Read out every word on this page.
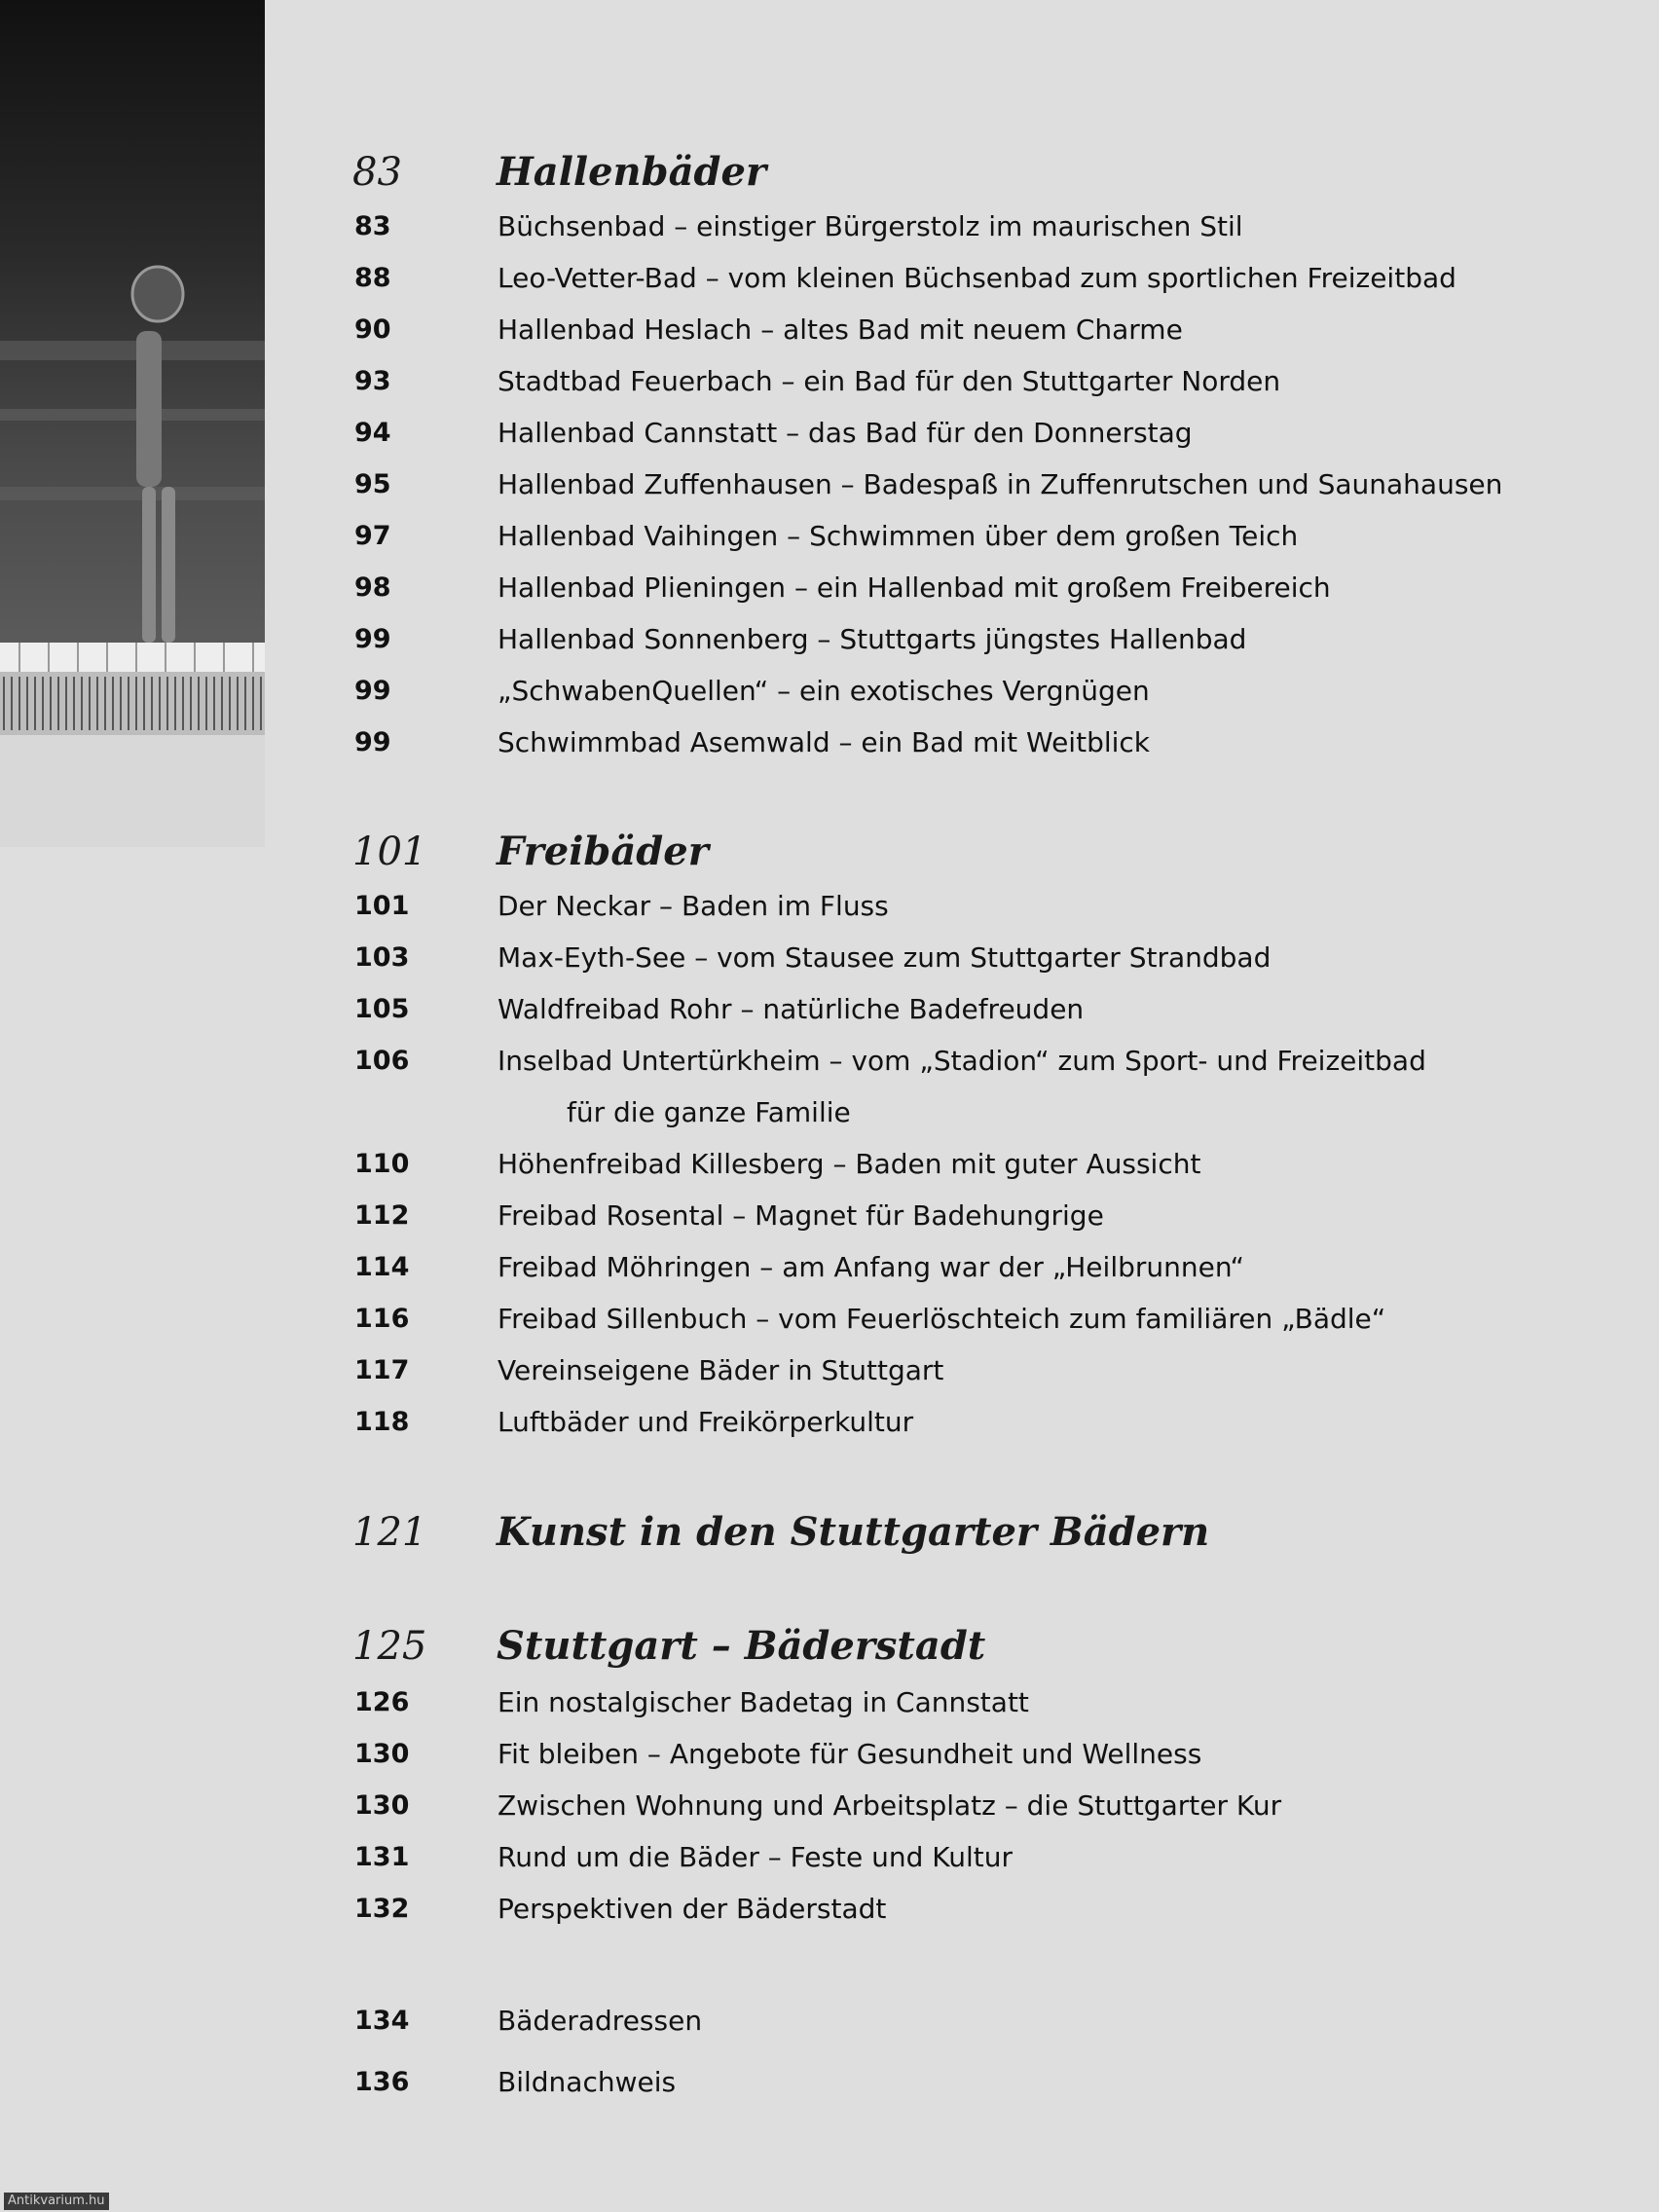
83 Hallenbäder
83	Büchsenbad – einstiger Bürgerstolz im maurischen Stil
88	Leo-Vetter-Bad – vom kleinen Büchsenbad zum sportlichen Freizeitbad
90	Hallenbad Heslach – altes Bad mit neuem Charme
93	Stadtbad Feuerbach – ein Bad für den Stuttgarter Norden
94	Hallenbad Cannstatt – das Bad für den Donnerstag
95	Hallenbad Zuffenhausen – Badespaß in Zuffenrutschen und Saunahausen
97	Hallenbad Vaihingen – Schwimmen über dem großen Teich
98	Hallenbad Plieningen – ein Hallenbad mit großem Freibereich
99	Hallenbad Sonnenberg – Stuttgarts jüngstes Hallenbad
99	„SchwabenQuellen“ – ein exotisches Vergnügen
99	Schwimmbad Asemwald – ein Bad mit Weitblick
101 Freibäder
101	Der Neckar – Baden im Fluss
103	Max-Eyth-See – vom Stausee zum Stuttgarter Strandbad
105	Waldfreibad Rohr – natürliche Badefreuden
106	Inselbad Untertürkheim – vom „Stadion“ zum Sport- und Freizeitbad
für die ganze Familie
110	Höhenfreibad Killesberg – Baden mit guter Aussicht
112	Freibad Rosental – Magnet für Badehungrige
114	Freibad Möhringen – am Anfang war der „Heilbrunnen“
116	Freibad Sillenbuch – vom Feuerlöschteich zum familiären „Bädle“
117	Vereinseigene Bäder in Stuttgart
118	Luftbäder und Freikörperkultur
121 Kunst in den Stuttgarter Bädern
125 Stuttgart – Bäderstadt
126	Ein nostalgischer Badetag in Cannstatt
130	Fit bleiben – Angebote für Gesundheit und Wellness
130	Zwischen Wohnung und Arbeitsplatz – die Stuttgarter Kur
131	Rund um die Bäder – Feste und Kultur
132	Perspektiven der Bäderstadt
134	Bäderadressen
136	Bildnachweis
Antikvarium.hu
